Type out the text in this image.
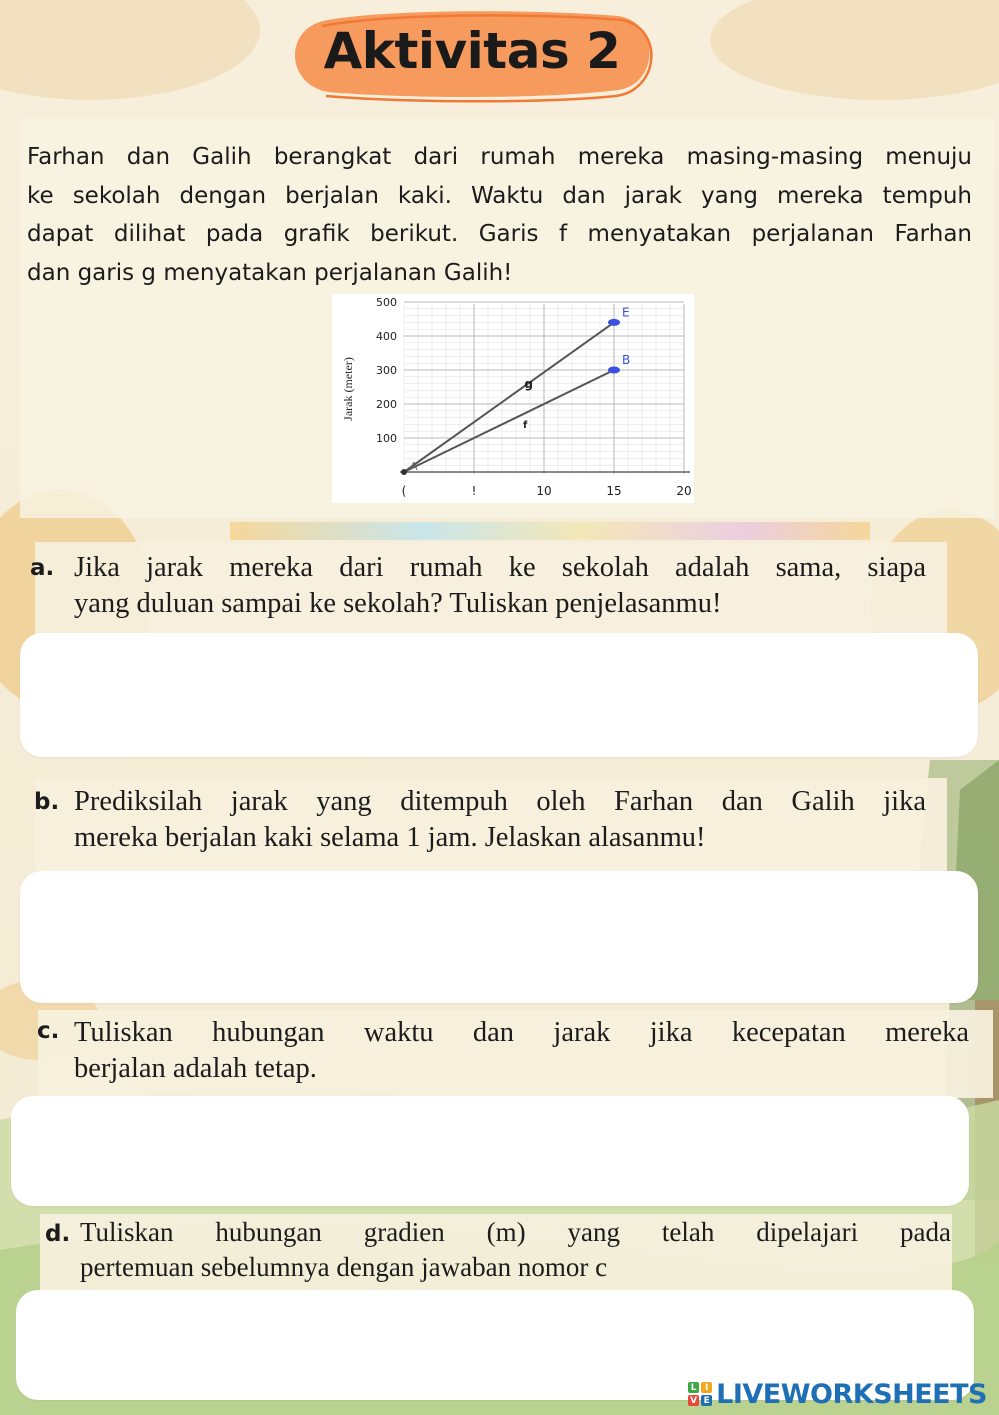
Aktivitas 2
Farhan dan Galih berangkat dari rumah mereka masing-masing menuju
ke sekolah dengan berjalan kaki. Waktu dan jarak yang mereka tempuh
dapat dilihat pada grafik berikut. Garis f menyatakan perjalanan Farhan
dan garis g menyatakan perjalanan Galih!
Jarak (meter)
100
200
300
400
500
(	!	10	15	20
E
B
g
f
A
a. Jika jarak mereka dari rumah ke sekolah adalah sama, siapa
yang duluan sampai ke sekolah? Tuliskan penjelasanmu!
b. Prediksilah jarak yang ditempuh oleh Farhan dan Galih jika
mereka berjalan kaki selama 1 jam. Jelaskan alasanmu!
c. Tuliskan hubungan waktu dan jarak jika kecepatan mereka
berjalan adalah tetap.
d. Tuliskan hubungan gradien (m) yang telah dipelajari pada
pertemuan sebelumnya dengan jawaban nomor c
L I
V E LIVEWORKSHEETS
